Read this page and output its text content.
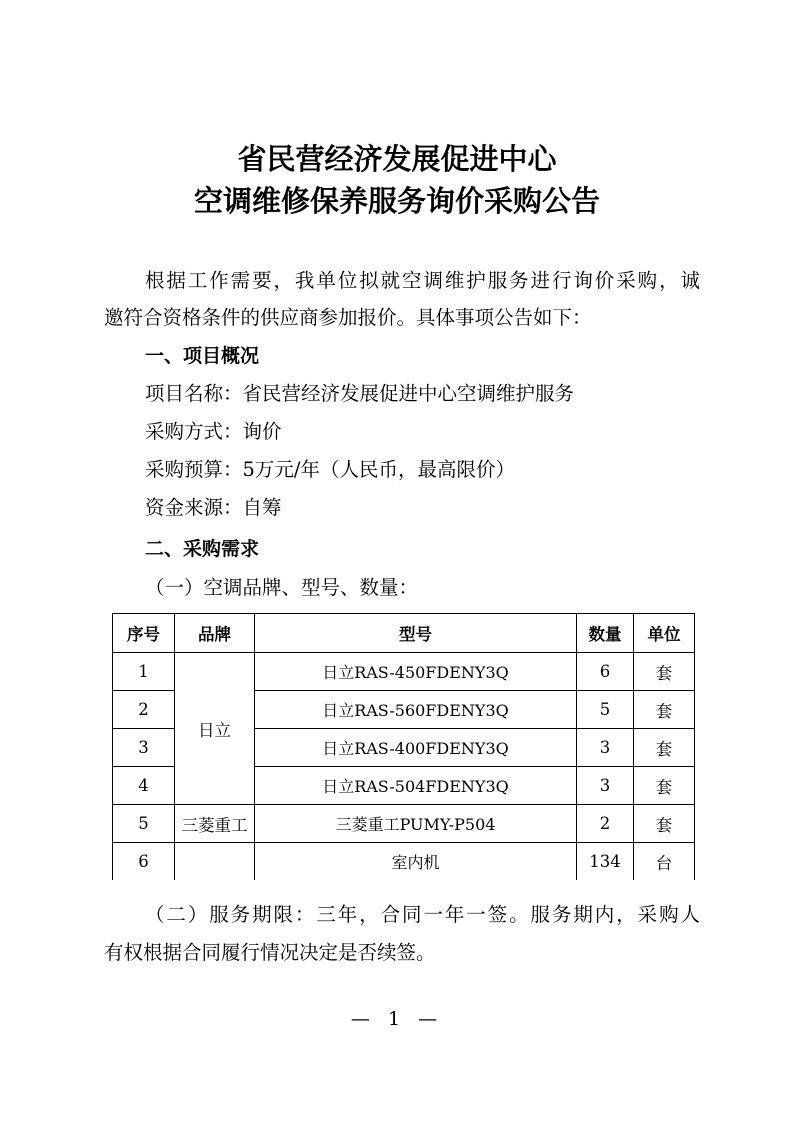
省民营经济发展促进中心
空调维修保养服务询价采购公告
根据工作需要，我单位拟就空调维护服务进行询价采购，诚
邀符合资格条件的供应商参加报价。具体事项公告如下：
一、项目概况
项目名称：省民营经济发展促进中心空调维护服务
采购方式：询价
采购预算：5万元/年（人民币，最高限价）
资金来源：自筹
二、采购需求
（一）空调品牌、型号、数量：
序号	品牌	型号	数量	单位
1	日立	日立RAS-450FDENY3Q	6	套
2		日立RAS-560FDENY3Q	5	套
3		日立RAS-400FDENY3Q	3	套
4		日立RAS-504FDENY3Q	3	套
5	三菱重工	三菱重工PUMY-P504	2	套
6		室内机	134	台
（二）服务期限：三年，合同一年一签。服务期内，采购人
有权根据合同履行情况决定是否续签。
— 1 —
